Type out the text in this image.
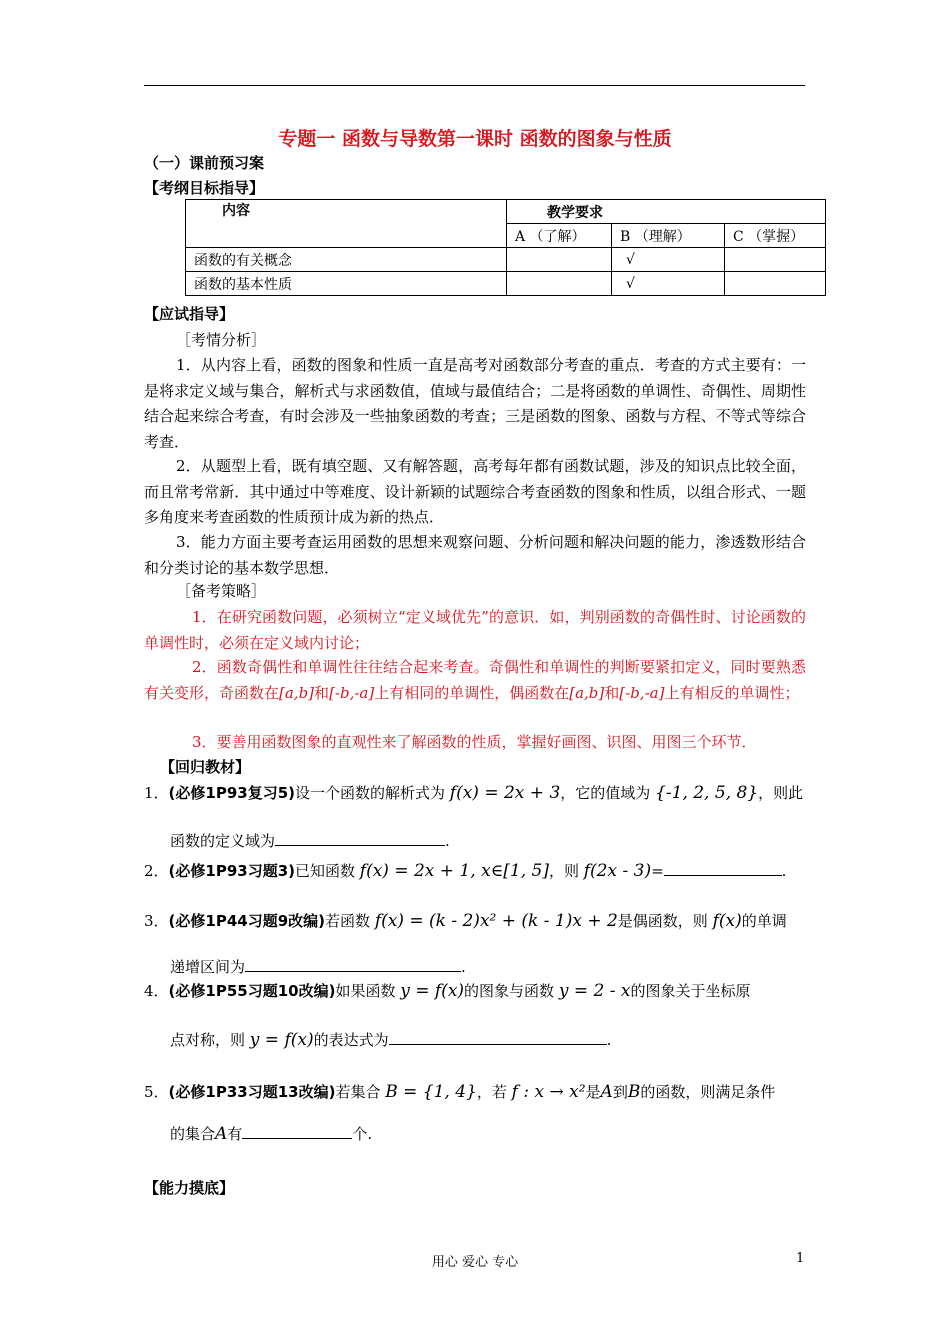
专题一 函数与导数第一课时 函数的图象与性质
（一）课前预习案
【考纲目标指导】
内容	教学要求		
	A （了解）	B （理解）	C （掌握）
函数的有关概念		√	
函数的基本性质		√	
【应试指导】
［考情分析］
1．从内容上看，函数的图象和性质一直是高考对函数部分考查的重点．考查的方式主要有：一是将求定义域与集合，解析式与求函数值，值域与最值结合；二是将函数的单调性、奇偶性、周期性结合起来综合考查，有时会涉及一些抽象函数的考查；三是函数的图象、函数与方程、不等式等综合考查．
2．从题型上看，既有填空题、又有解答题，高考每年都有函数试题，涉及的知识点比较全面，而且常考常新．其中通过中等难度、设计新颖的试题综合考查函数的图象和性质，以组合形式、一题多角度来考查函数的性质预计成为新的热点．
3．能力方面主要考查运用函数的思想来观察问题、分析问题和解决问题的能力，渗透数形结合和分类讨论的基本数学思想．
［备考策略］
1．在研究函数问题，必须树立“定义域优先”的意识．如，判别函数的奇偶性时、讨论函数的单调性时，必须在定义域内讨论；
2．函数奇偶性和单调性往往结合起来考查。奇偶性和单调性的判断要紧扣定义，同时要熟悉有关变形，奇函数在[a,b]和[-b,-a]上有相同的单调性，偶函数在[a,b]和[-b,-a]上有相反的单调性；
3．要善用函数图象的直观性来了解函数的性质，掌握好画图、识图、用图三个环节．
【回归教材】
1．(必修1P93复习5)设一个函数的解析式为 f(x) = 2x + 3，它的值域为 {-1, 2, 5, 8}，则此
函数的定义域为	.
2．(必修1P93习题3)已知函数 f(x) = 2x + 1, x∈[1, 5]，则 f(2x - 3)=	.
3．(必修1P44习题9改编)若函数 f(x) = (k - 2)x² + (k - 1)x + 2是偶函数，则 f(x)的单调
递增区间为	.
4．(必修1P55习题10改编)如果函数 y = f(x)的图象与函数 y = 2 - x的图象关于坐标原
点对称，则 y = f(x)的表达式为	.
5．(必修1P33习题13改编)若集合 B = {1, 4}，若 f : x → x²是A到B的函数，则满足条件
的集合A有	个.
【能力摸底】
用心 爱心 专心	1
